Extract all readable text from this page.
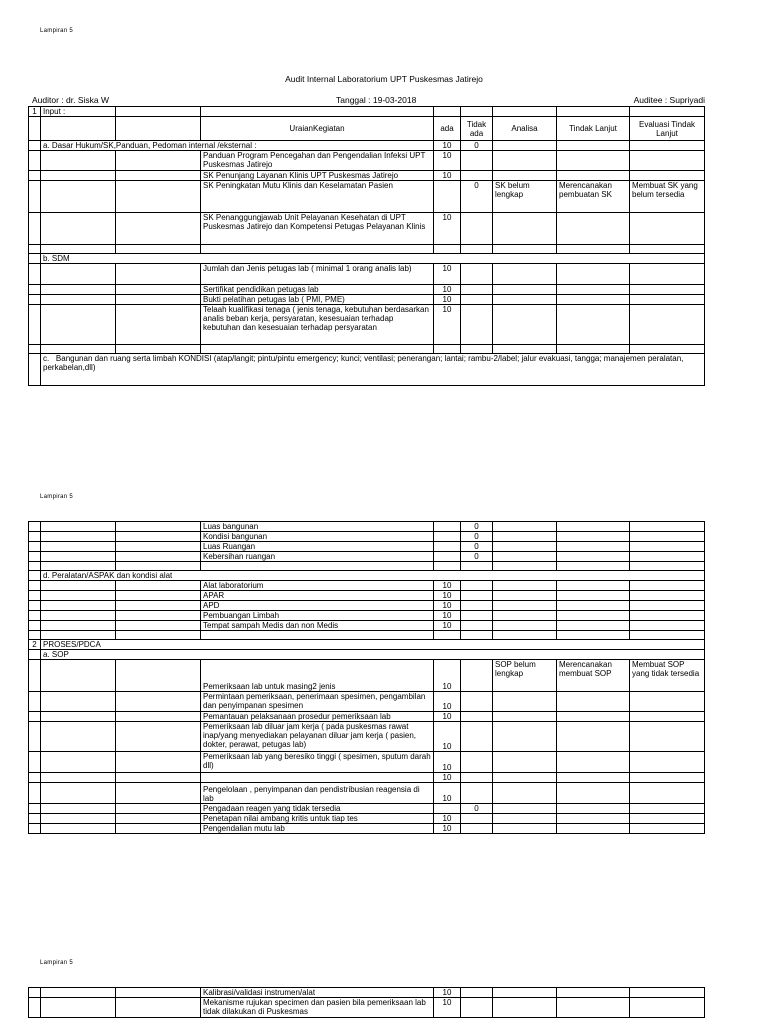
Lampiran 5
Audit Internal Laboratorium UPT Puskesmas Jatirejo
Auditor : dr. Siska W	Tanggal : 19-03-2018	Auditee : Supriyadi
1	Input :							
			UraianKegiatan	ada	Tidak ada	Analisa	Tindak Lanjut	Evaluasi Tindak Lanjut
	a. Dasar Hukum/SK,Panduan, Pedoman internal /eksternal :			10	0			
			Panduan Program Pencegahan dan Pengendalian Infeksi UPT Puskesmas Jatirejo	10				
			SK Penunjang Layanan Klinis UPT Puskesmas Jatirejo	10				
			SK Peningkatan Mutu Klinis dan Keselamatan Pasien		0	SK belum lengkap	Merencanakan pembuatan SK	Membuat SK yang belum tersedia
			SK Penanggungjawab Unit Pelayanan Kesehatan di UPT Puskesmas Jatirejo dan Kompetensi Petugas Pelayanan Klinis	10				

	b. SDM							
			Jumlah dan Jenis petugas lab ( minimal 1 orang analis lab)	10				
			Sertifikat pendidikan petugas lab	10				
			Bukti pelatihan petugas lab ( PMI, PME)	10				
			Telaah kualifikasi tenaga ( jenis tenaga, kebutuhan berdasarkan analis beban kerja, persyaratan, kesesuaian terhadap kebutuhan dan kesesuaian terhadap persyaratan	10				

	c. Bangunan dan ruang serta limbah KONDISI (atap/langit; pintu/pintu emergency; kunci; ventilasi; penerangan; lantai; rambu-2/label; jalur evakuasi, tangga; manajemen peralatan, perkabelan,dll)							
Lampiran 5
			Luas bangunan		0			
			Kondisi bangunan		0			
			Luas Ruangan		0			
			Kebersihan ruangan		0			

	d. Peralatan/ASPAK dan kondisi alat							
			Alat laboratorium	10				
			APAR	10				
			APD	10				
			Pembuangan Limbah	10				
			Tempat sampah Medis dan non Medis	10				

2	PROSES/PDCA							
	a. SOP							
			Pemeriksaan lab untuk masing2 jenis	10		SOP belum lengkap	Merencanakan membuat SOP	Membuat SOP yang tidak tersedia
			Permintaan pemeriksaan, penerimaan spesimen, pengambilan dan penyimpanan spesimen	10				
			Pemantauan pelaksanaan prosedur pemeriksaan lab	10				
			Pemeriksaan lab diluar jam kerja ( pada puskesmas rawat inap/yang menyediakan pelayanan diluar jam kerja ( pasien, dokter, perawat, petugas lab)	10				
			Pemeriksaan lab yang beresiko tinggi ( spesimen, sputum darah dll)	10				
				10				
			Pengelolaan , penyimpanan dan pendistribusian reagensia di lab	10				
			Pengadaan reagen yang tidak tersedia		0			
			Penetapan nilai ambang kritis untuk tiap tes	10				
			Pengendalian mutu lab	10				
Lampiran 5
			Kalibrasi/validasi instrumen/alat	10				
			Mekanisme rujukan specimen dan pasien bila pemeriksaan lab tidak dilakukan di Puskesmas	10				
